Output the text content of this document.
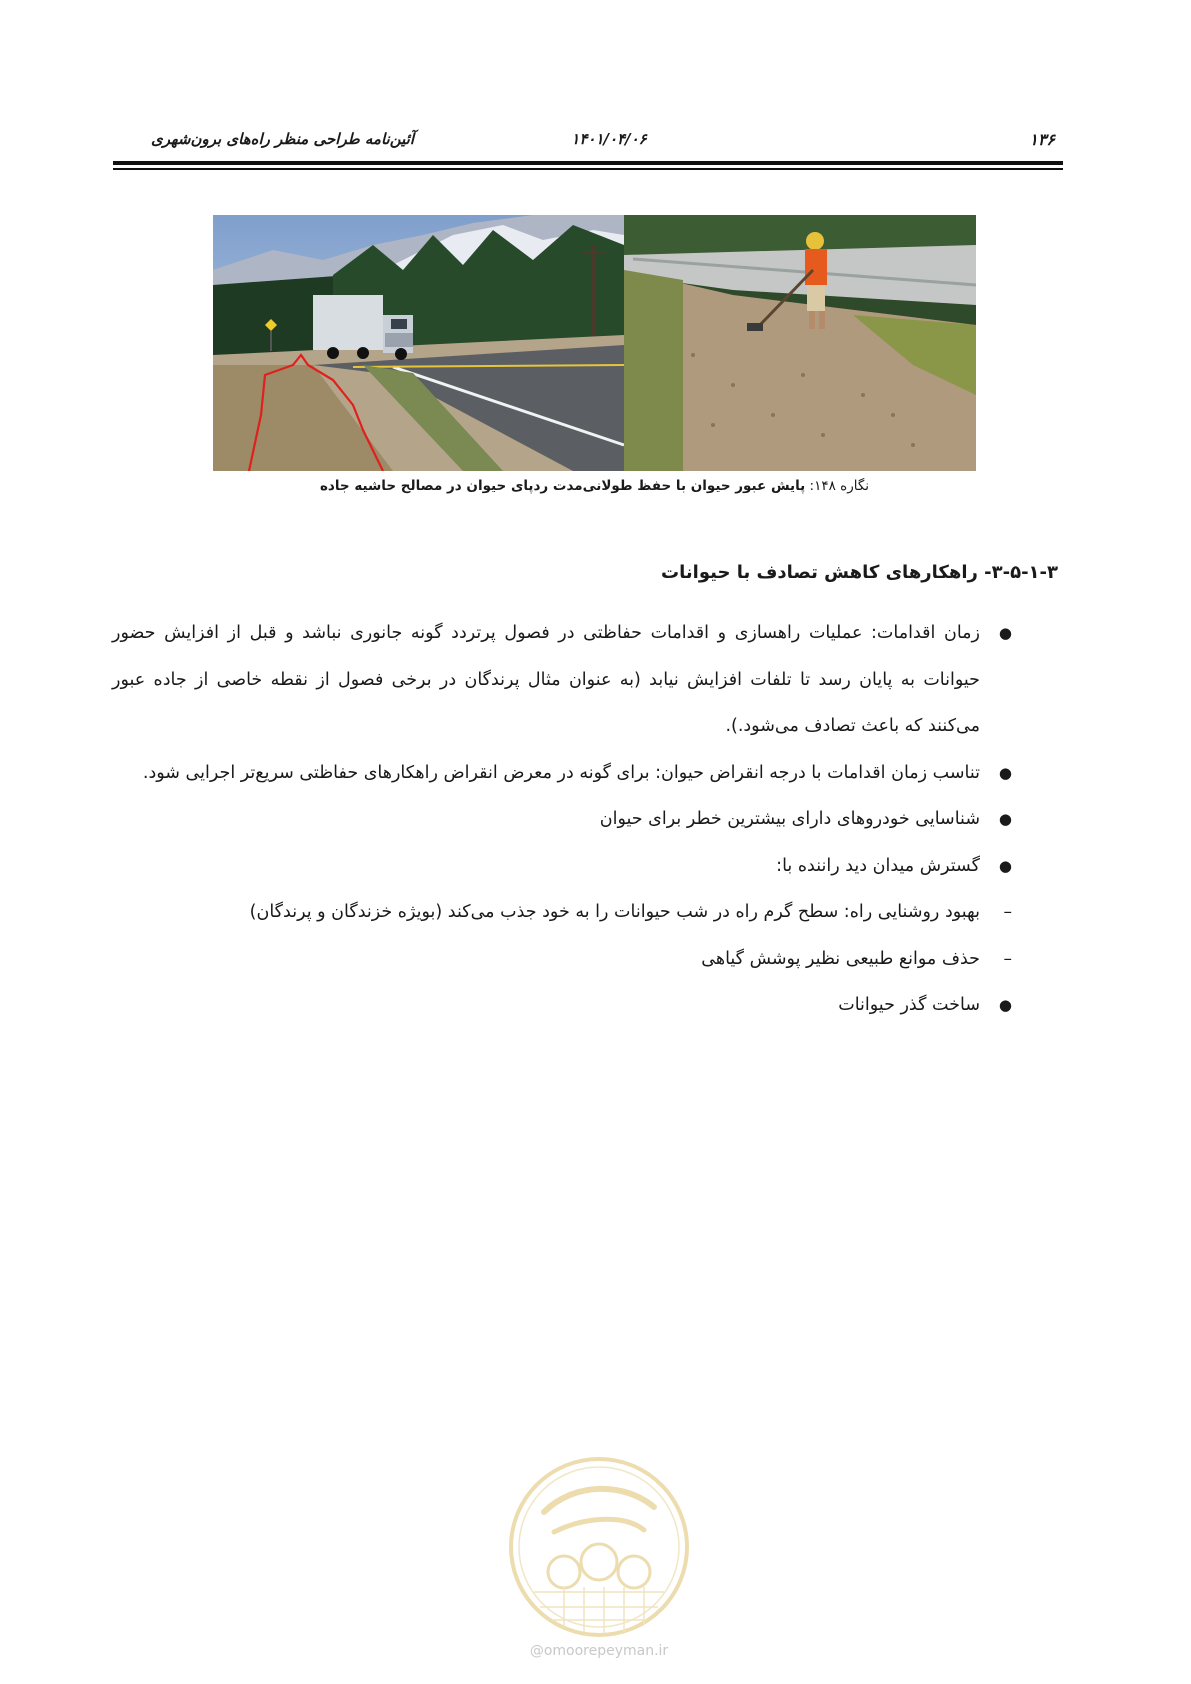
۱۳۶
۱۴۰۱/۰۴/۰۶
آئین‌نامه طراحی منظر راه‌های برون‌شهری
نگاره ۱۴۸: پایش عبور حیوان با حفظ طولانی‌مدت ردپای حیوان در مصالح حاشیه جاده
۳-۵-۱-۳- راهکارهای کاهش تصادف با حیوانات
●
زمان اقدامات: عملیات راهسازی و اقدامات حفاظتی در فصول پرتردد گونه جانوری نباشد و قبل از افزایش حضور حیوانات به پایان رسد تا تلفات افزایش نیابد (به عنوان مثال پرندگان در برخی فصول از نقطه خاصی از جاده عبور می‌کنند که باعث تصادف می‌شود.).
●
تناسب زمان اقدامات با درجه انقراض حیوان: برای گونه در معرض انقراض راهکارهای حفاظتی سریع‌تر اجرایی شود.
●
شناسایی خودروهای دارای بیشترین خطر برای حیوان
●
گسترش میدان دید راننده با:
–
بهبود روشنایی راه: سطح گرم راه در شب حیوانات را به خود جذب می‌کند (بویژه خزندگان و پرندگان)
–
حذف موانع طبیعی نظیر پوشش گیاهی
●
ساخت گذر حیوانات
@omoorepeyman.ir
